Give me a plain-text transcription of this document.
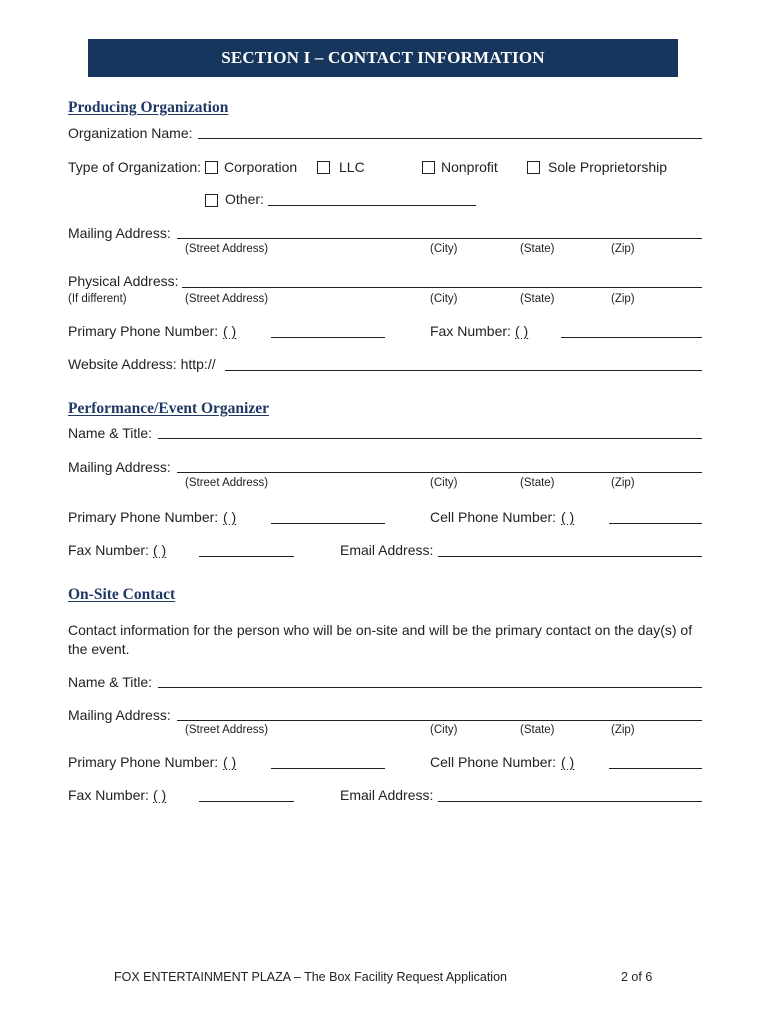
SECTION I – CONTACT INFORMATION
Producing Organization
Organization Name:
Type of Organization: Corporation	LLC	Nonprofit	Sole Proprietorship
Other:
Mailing Address:
(Street Address)	(City)	(State)	(Zip)
Physical Address:
(If different)	(Street Address)	(City)	(State)	(Zip)
Primary Phone Number: ( )	Fax Number: ( )
Website Address: http://
Performance/Event Organizer
Name & Title:
Mailing Address:
(Street Address)	(City)	(State)	(Zip)
Primary Phone Number: ( )	Cell Phone Number: ( )
Fax Number: ( )	Email Address:
On-Site Contact
Contact information for the person who will be on-site and will be the primary contact on the day(s) of the event.
Name & Title:
Mailing Address:
(Street Address)	(City)	(State)	(Zip)
Primary Phone Number: ( )	Cell Phone Number: ( )
Fax Number: ( )	Email Address:
FOX ENTERTAINMENT PLAZA – The Box Facility Request Application	2 of 6
